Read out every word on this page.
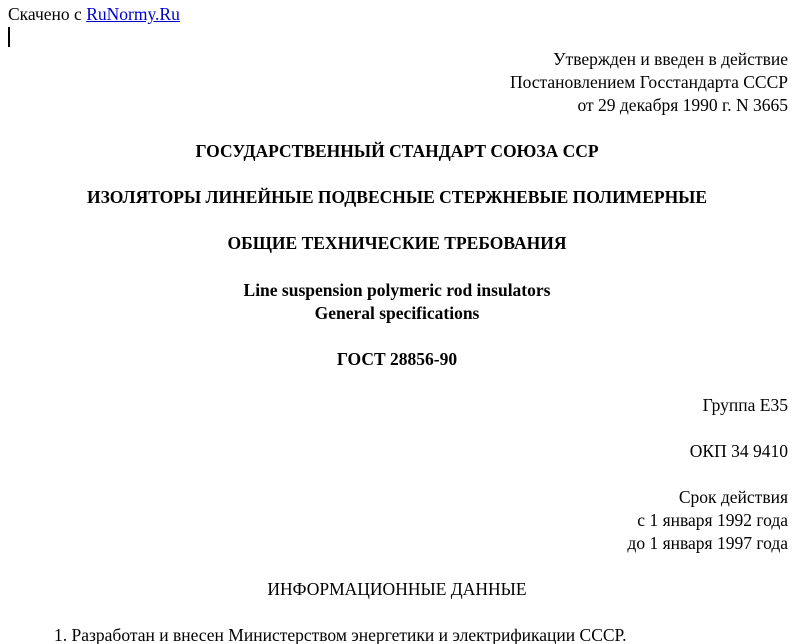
Скачено с RuNormy.Ru
Утвержден и введен в действие
Постановлением Госстандарта СССР
от 29 декабря 1990 г. N 3665
ГОСУДАРСТВЕННЫЙ СТАНДАРТ СОЮЗА ССР
ИЗОЛЯТОРЫ ЛИНЕЙНЫЕ ПОДВЕСНЫЕ СТЕРЖНЕВЫЕ ПОЛИМЕРНЫЕ
ОБЩИЕ ТЕХНИЧЕСКИЕ ТРЕБОВАНИЯ
Line suspension polymeric rod insulators
General specifications
ГОСТ 28856-90
Группа Е35
ОКП 34 9410
Срок действия
с 1 января 1992 года
до 1 января 1997 года
ИНФОРМАЦИОННЫЕ ДАННЫЕ
1. Разработан и внесен Министерством энергетики и электрификации СССР.
